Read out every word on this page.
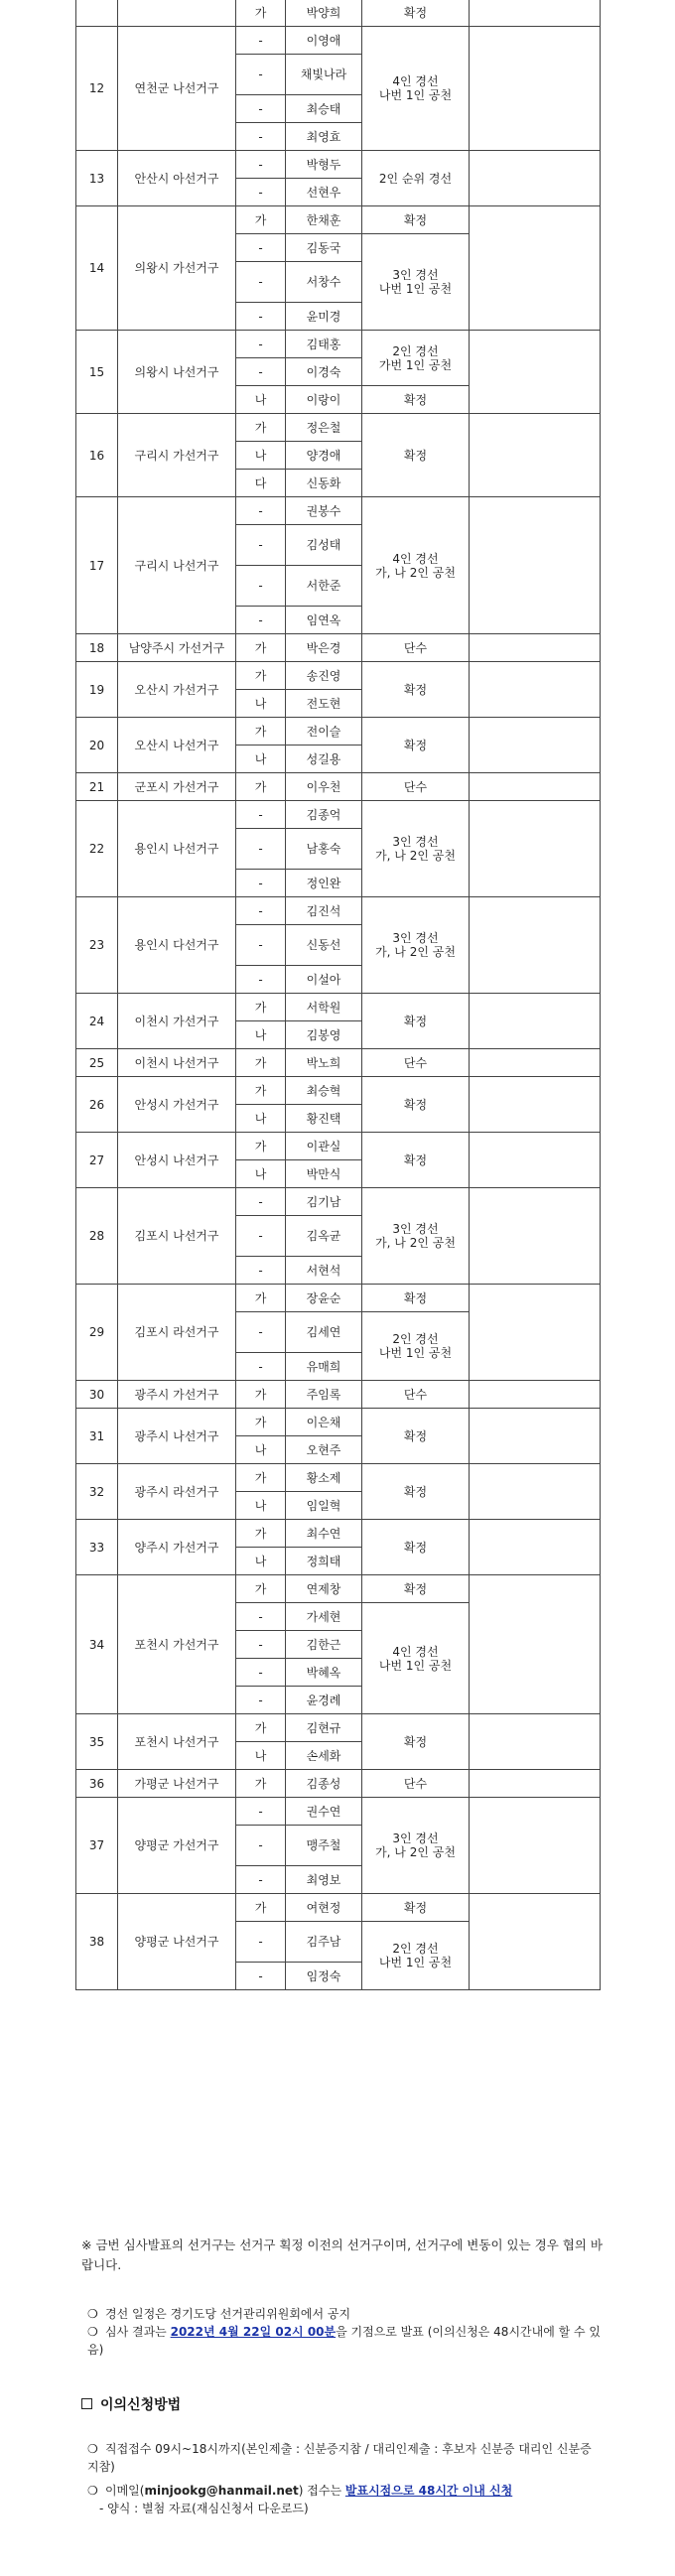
		가	박양희	확정	
12	연천군 나선거구	-	이영애	4인 경선
나번 1인 공천	
		-	채빛나라		
		-	최승태		
		-	최영효		
13	안산시 아선거구	-	박형두	2인 순위 경선	
		-	선현우		
14	의왕시 가선거구	가	한채훈	확정	
		-	김동국	3인 경선
나번 1인 공천	
		-	서창수		
		-	윤미경		
15	의왕시 나선거구	-	김태홍	2인 경선
가번 1인 공천	
		-	이경숙		
		나	이랑이	확정	
16	구리시 가선거구	가	정은철	확정	
		나	양경애		
		다	신동화		
17	구리시 나선거구	-	권봉수	4인 경선
가, 나 2인 공천	
		-	김성태		
		-	서한준		
		-	임연옥		
18	남양주시 가선거구	가	박은경	단수	
19	오산시 가선거구	가	송진영	확정	
		나	전도현		
20	오산시 나선거구	가	전이슬	확정	
		나	성길용		
21	군포시 가선거구	가	이우천	단수	
22	용인시 나선거구	-	김종억	3인 경선
가, 나 2인 공천	
		-	남홍숙		
		-	정인완		
23	용인시 다선거구	-	김진석	3인 경선
가, 나 2인 공천	
		-	신동선		
		-	이설아		
24	이천시 가선거구	가	서학원	확정	
		나	김봉영		
25	이천시 나선거구	가	박노희	단수	
26	안성시 가선거구	가	최승혁	확정	
		나	황진택		
27	안성시 나선거구	가	이관실	확정	
		나	박만식		
28	김포시 나선거구	-	김기남	3인 경선
가, 나 2인 공천	
		-	김옥균		
		-	서현석		
29	김포시 라선거구	가	장윤순	확정	
		-	김세연	2인 경선
나번 1인 공천	
		-	유매희		
30	광주시 가선거구	가	주임록	단수	
31	광주시 나선거구	가	이은채	확정	
		나	오현주		
32	광주시 라선거구	가	황소제	확정	
		나	임일혁		
33	양주시 가선거구	가	최수연	확정	
		나	정희태		
34	포천시 가선거구	가	연제창	확정	
		-	가세현	4인 경선
나번 1인 공천	
		-	김한근		
		-	박혜옥		
		-	윤경례		
35	포천시 나선거구	가	김현규	확정	
		나	손세화		
36	가평군 나선거구	가	김종성	단수	
37	양평군 가선거구	-	권수연	3인 경선
가, 나 2인 공천	
		-	맹주철		
		-	최영보		
38	양평군 나선거구	가	여현정	확정	
		-	김주남	2인 경선
나번 1인 공천	
		-	임정숙		
※ 금번 심사발표의 선거구는 선거구 획정 이전의 선거구이며, 선거구에 변동이 있는 경우 협의 바랍니다.
❍ 경선 일정은 경기도당 선거관리위원회에서 공지
❍ 심사 결과는 2022년 4월 22일 02시 00분을 기점으로 발표 (이의신청은 48시간내에 할 수 있음)
이의신청방법
❍ 직접접수 09시~18시까지(본인제출 : 신분증지참 / 대리인제출 : 후보자 신분증 대리인 신분증 지참)
❍ 이메일(minjookg@hanmail.net) 접수는 발표시점으로 48시간 이내 신청
- 양식 : 별첨 자료(재심신청서 다운로드)
